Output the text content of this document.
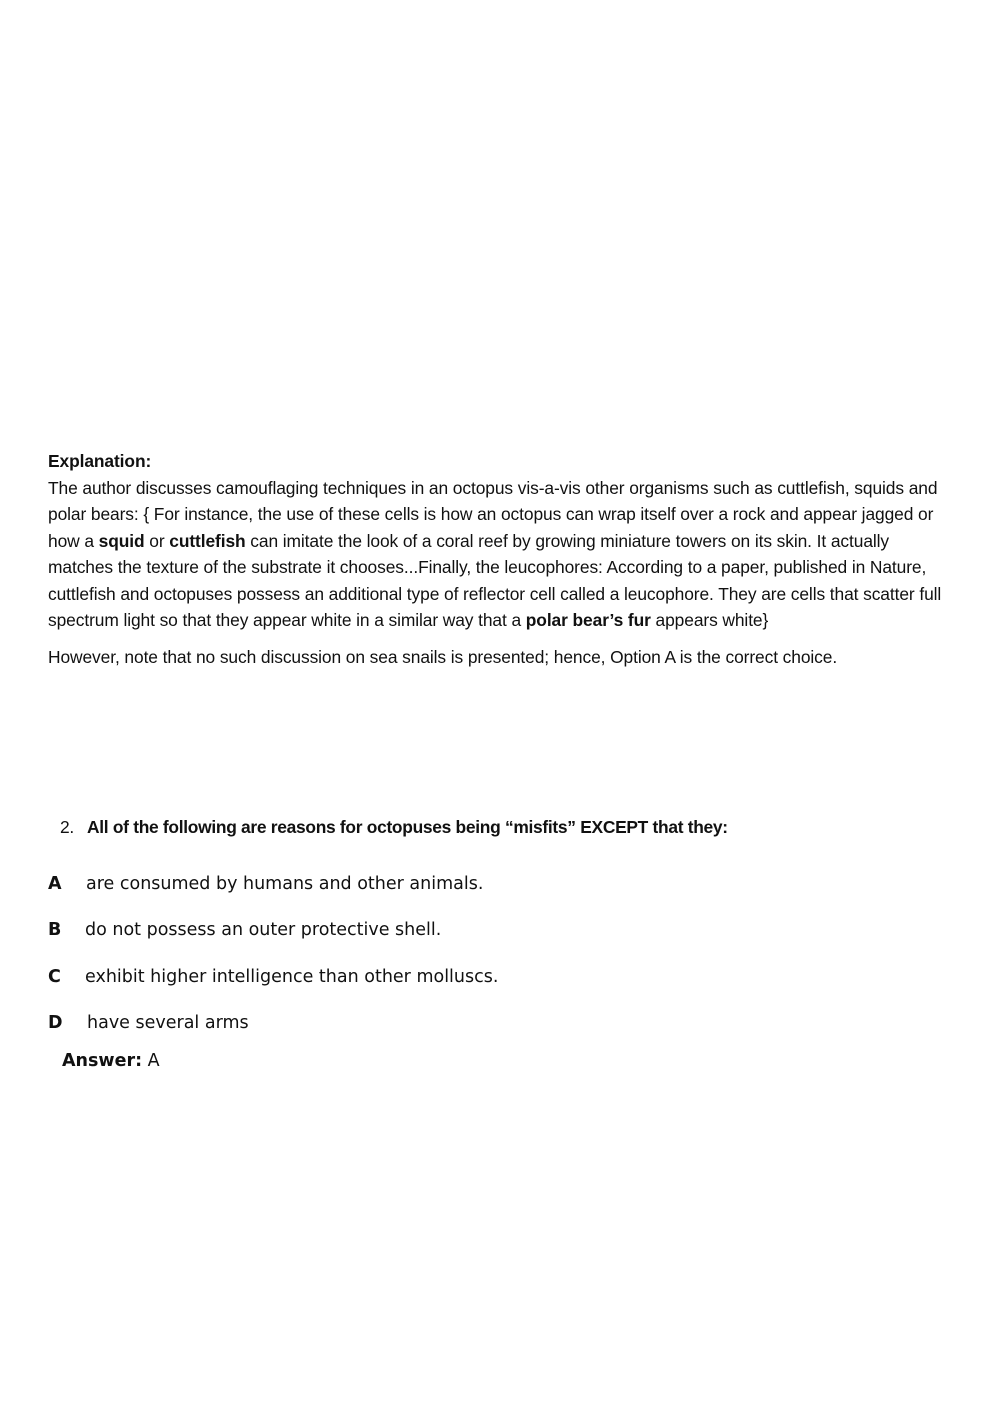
Explanation:

The author discusses camouflaging techniques in an octopus vis-a-vis other organisms such as cuttlefish, squids and polar bears: { For instance, the use of these cells is how an octopus can wrap itself over a rock and appear jagged or how a squid or cuttlefish can imitate the look of a coral reef by growing miniature towers on its skin. It actually matches the texture of the substrate it chooses...Finally, the leucophores: According to a paper, published in Nature, cuttlefish and octopuses possess an additional type of reflector cell called a leucophore. They are cells that scatter full spectrum light so that they appear white in a similar way that a polar bear’s fur appears white}

However, note that no such discussion on sea snails is presented; hence, Option A is the correct choice.

2. All of the following are reasons for octopuses being “misfits” EXCEPT that they:
A are consumed by humans and other animals.
B do not possess an outer protective shell.
C exhibit higher intelligence than other molluscs.
D have several arms
Answer: A
